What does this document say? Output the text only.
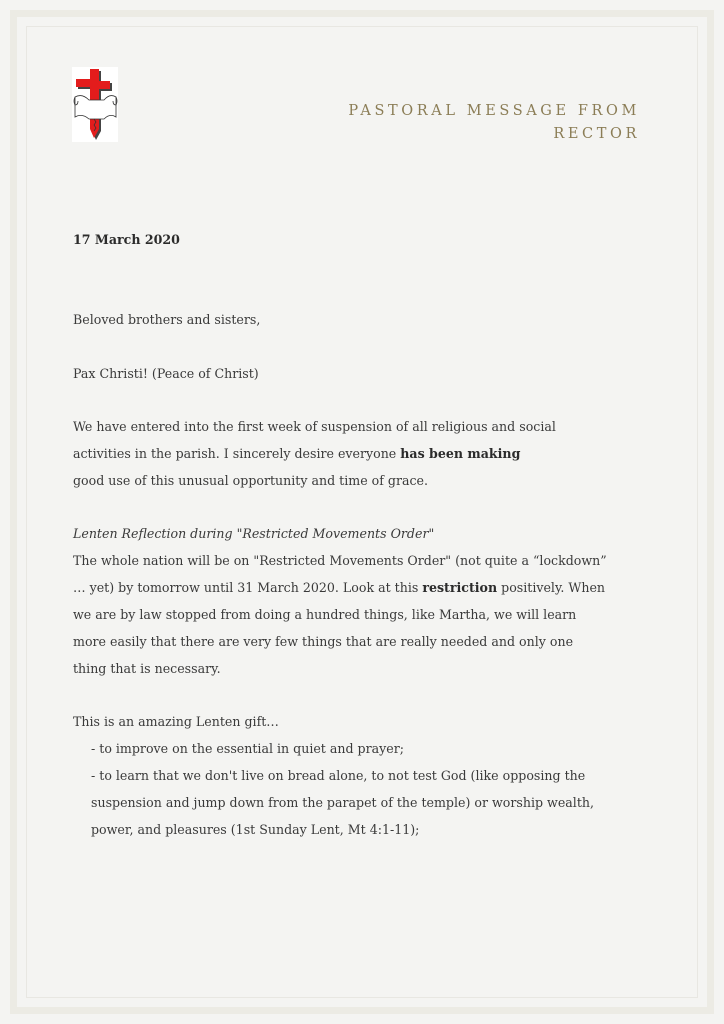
PASTORAL MESSAGE FROM
RECTOR
17 March 2020
Beloved brothers and sisters,
Pax Christi! (Peace of Christ)
We have entered into the first week of suspension of all religious and social
activities in the parish. I sincerely desire everyone has been making
good use of this unusual opportunity and time of grace.
Lenten Reflection during "Restricted Movements Order"
The whole nation will be on "Restricted Movements Order" (not quite a “lockdown”
… yet) by tomorrow until 31 March 2020. Look at this restriction positively. When
we are by law stopped from doing a hundred things, like Martha, we will learn
more easily that there are very few things that are really needed and only one
thing that is necessary.
This is an amazing Lenten gift…
- to improve on the essential in quiet and prayer;
- to learn that we don't live on bread alone, to not test God (like opposing the
suspension and jump down from the parapet of the temple) or worship wealth,
power, and pleasures (1st Sunday Lent, Mt 4:1-11);
